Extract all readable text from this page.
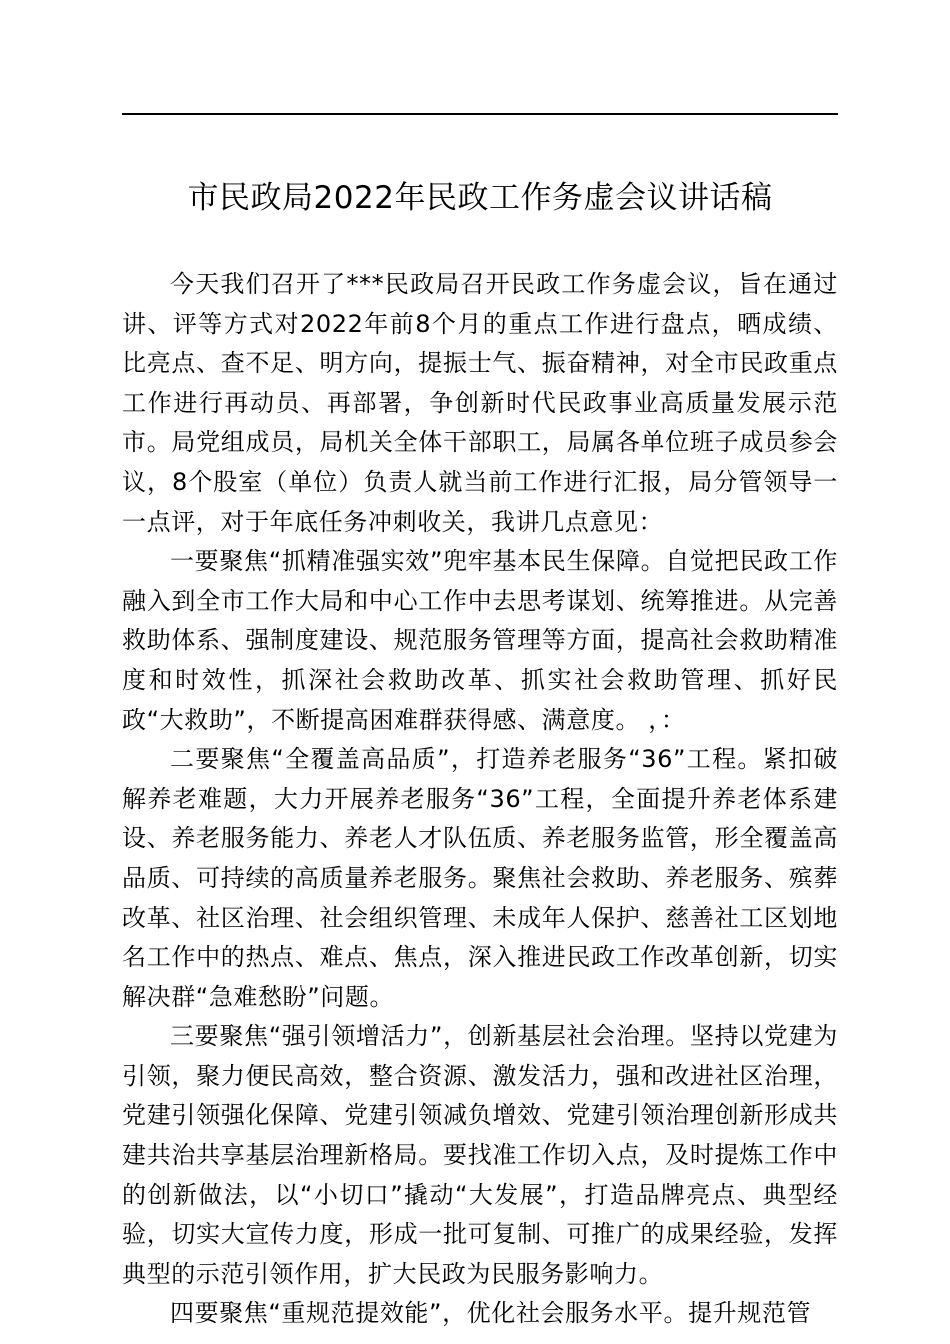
市民政局2022年民政工作务虚会议讲话稿

今天我们召开了***民政局召开民政工作务虚会议，旨在通过讲、评等方式对2022年前8个月的重点工作进行盘点，晒成绩、比亮点、查不足、明方向，提振士气、振奋精神，对全市民政重点工作进行再动员、再部署，争创新时代民政事业高质量发展示范市。局党组成员，局机关全体干部职工，局属各单位班子成员参会议，8个股室（单位）负责人就当前工作进行汇报，局分管领导一一点评，对于年底任务冲刺收关，我讲几点意见：

一要聚焦“抓精准强实效”兜牢基本民生保障。自觉把民政工作融入到全市工作大局和中心工作中去思考谋划、统筹推进。从完善救助体系、强制度建设、规范服务管理等方面，提高社会救助精准度和时效性，抓深社会救助改革、抓实社会救助管理、抓好民政“大救助”，不断提高困难群获得感、满意度。 ，：

二要聚焦“全覆盖高品质”，打造养老服务“36”工程。紧扣破解养老难题，大力开展养老服务“36”工程，全面提升养老体系建设、养老服务能力、养老人才队伍质、养老服务监管，形全覆盖高品质、可持续的高质量养老服务。聚焦社会救助、养老服务、殡葬改革、社区治理、社会组织管理、未成年人保护、慈善社工区划地名工作中的热点、难点、焦点，深入推进民政工作改革创新，切实解决群“急难愁盼”问题。

三要聚焦“强引领增活力”，创新基层社会治理。坚持以党建为引领，聚力便民高效，整合资源、激发活力，强和改进社区治理，党建引领强化保障、党建引领减负增效、党建引领治理创新形成共建共治共享基层治理新格局。要找准工作切入点，及时提炼工作中的创新做法，以“小切口”撬动“大发展”，打造品牌亮点、典型经验，切实大宣传力度，形成一批可复制、可推广的成果经验，发挥典型的示范引领作用，扩大民政为民服务影响力。

四要聚焦“重规范提效能”，优化社会服务水平。提升规范管
